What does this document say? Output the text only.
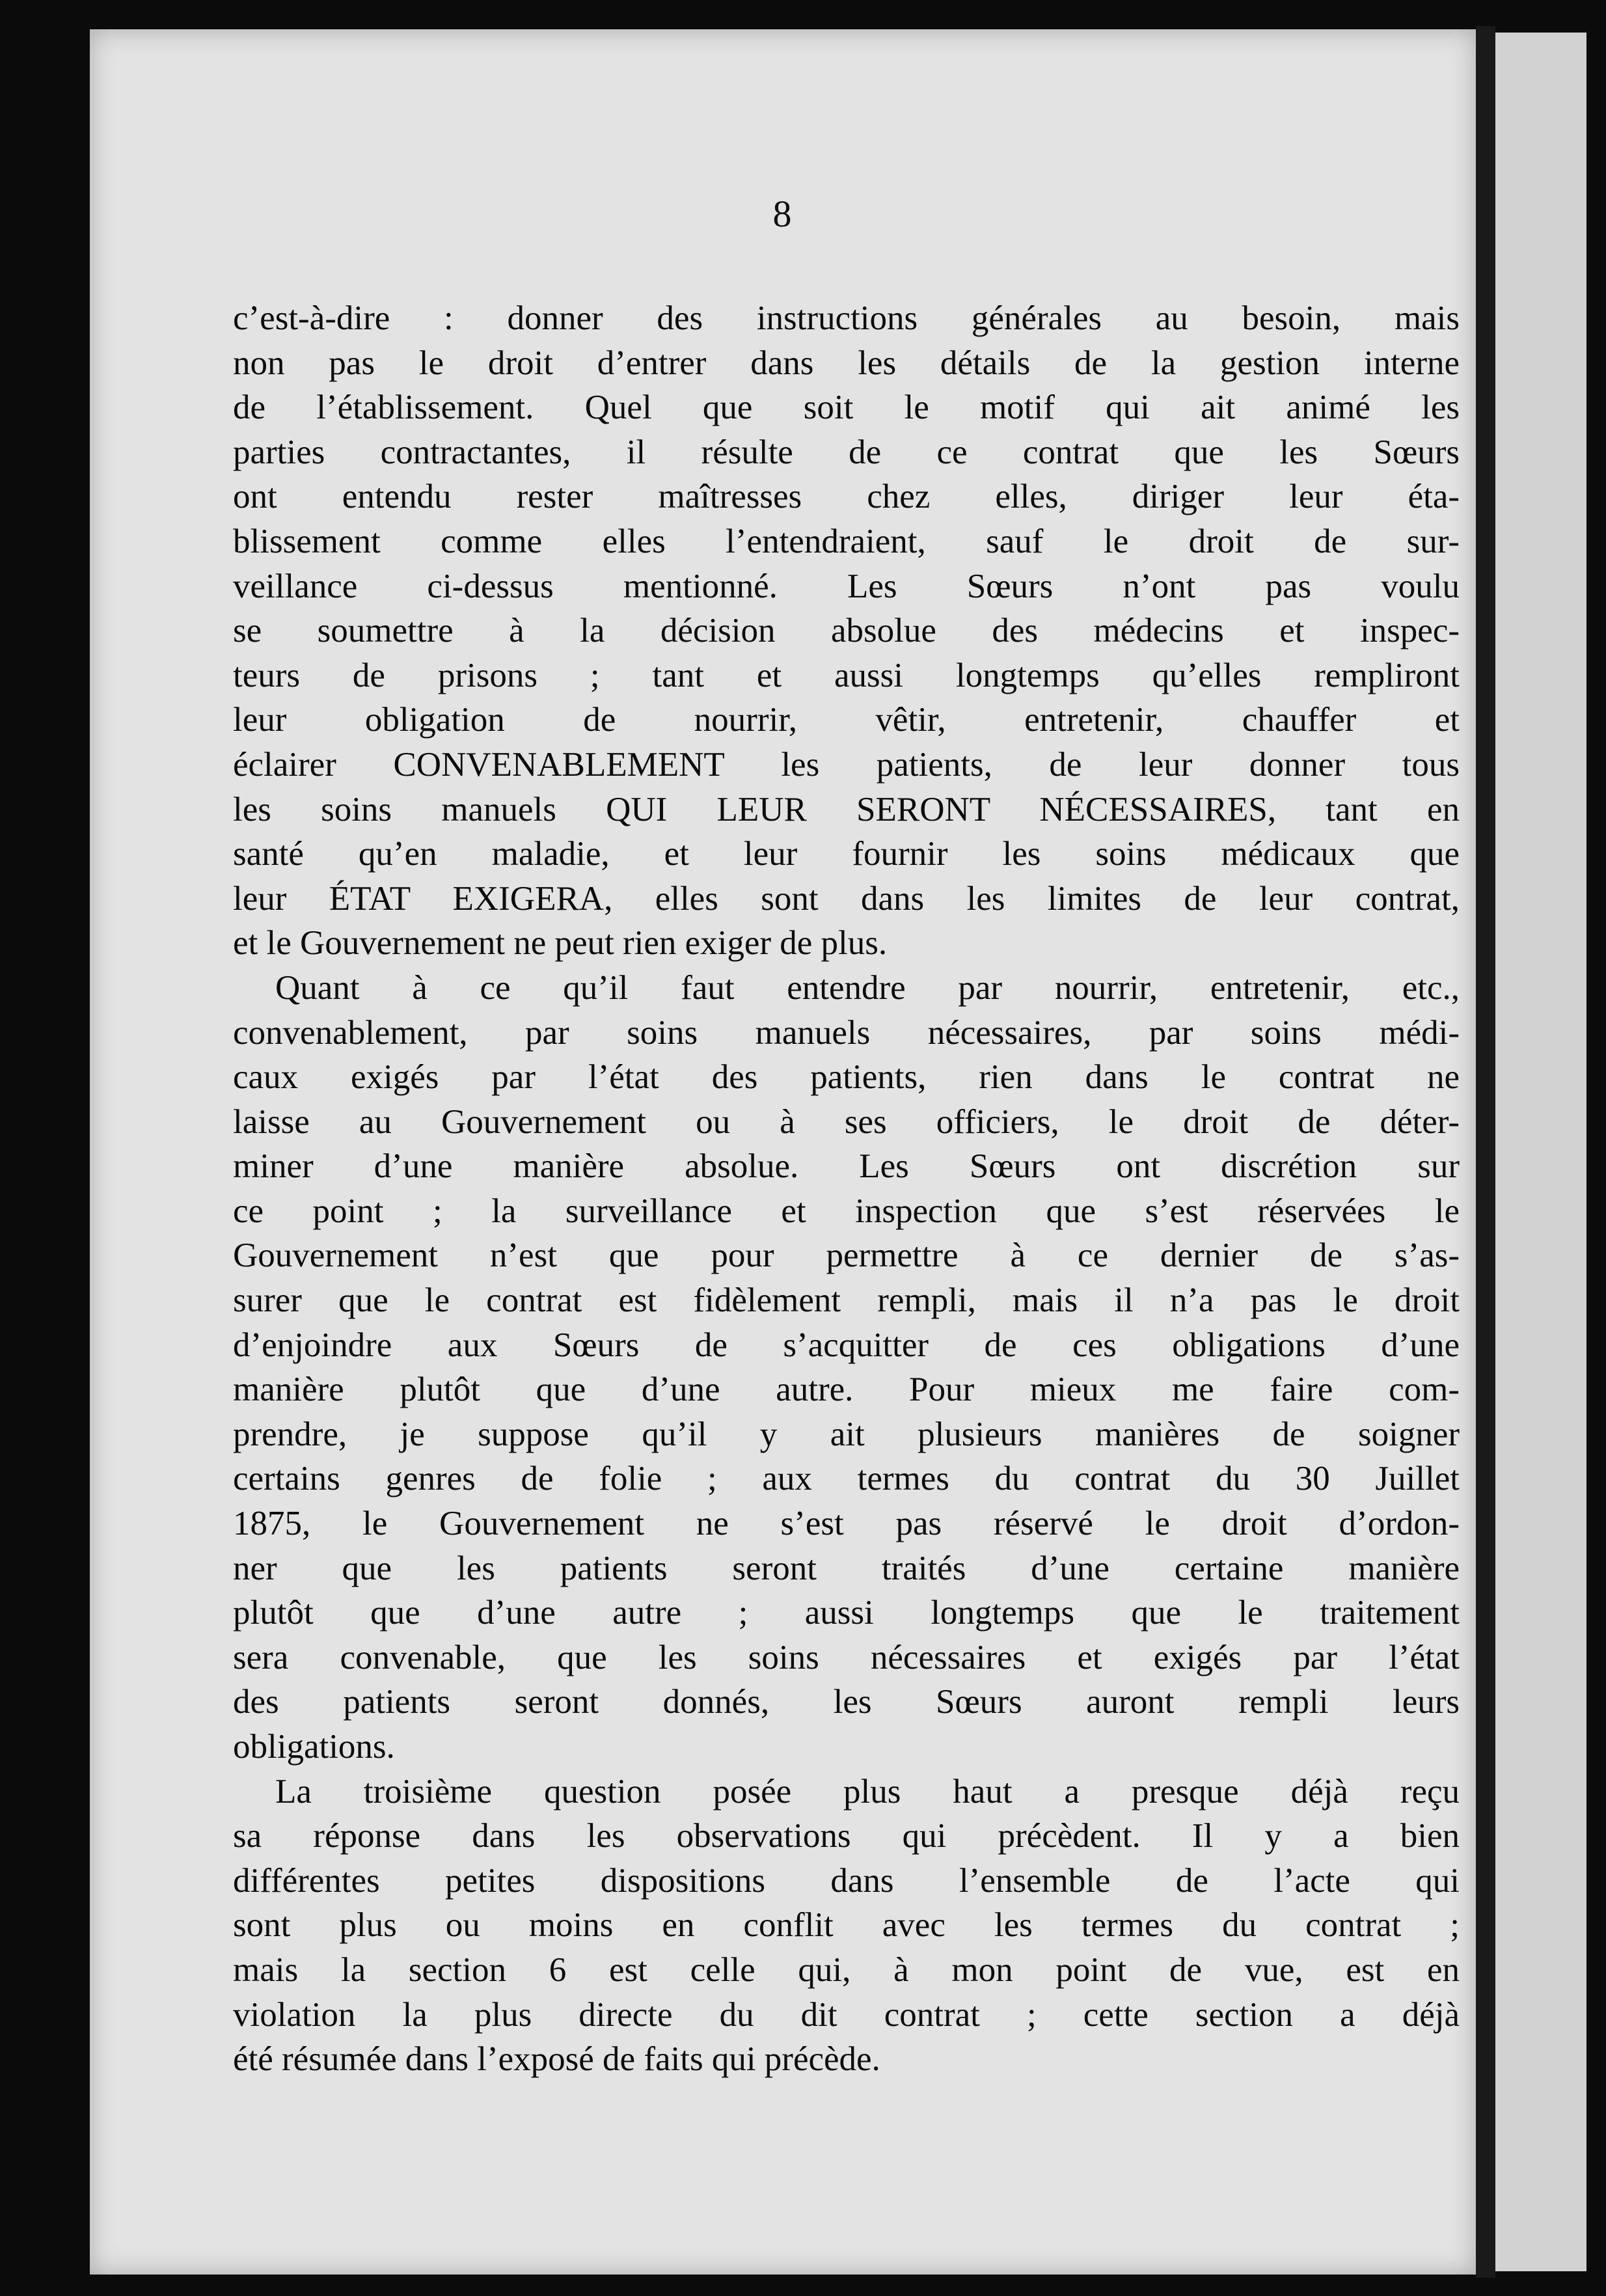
8
c’est-à-dire : donner des instructions générales au besoin, mais
non pas le droit d’entrer dans les détails de la gestion interne
de l’établissement. Quel que soit le motif qui ait animé les
parties contractantes, il résulte de ce contrat que les Sœurs
ont entendu rester maîtresses chez elles, diriger leur éta-
blissement comme elles l’entendraient, sauf le droit de sur-
veillance ci-dessus mentionné. Les Sœurs n’ont pas voulu
se soumettre à la décision absolue des médecins et inspec-
teurs de prisons ; tant et aussi longtemps qu’elles rempliront
leur obligation de nourrir, vêtir, entretenir, chauffer et
éclairer CONVENABLEMENT les patients, de leur donner tous
les soins manuels QUI LEUR SERONT NÉCESSAIRES, tant en
santé qu’en maladie, et leur fournir les soins médicaux que
leur ÉTAT EXIGERA, elles sont dans les limites de leur contrat,
et le Gouvernement ne peut rien exiger de plus.
Quant à ce qu’il faut entendre par nourrir, entretenir, etc.,
convenablement, par soins manuels nécessaires, par soins médi-
caux exigés par l’état des patients, rien dans le contrat ne
laisse au Gouvernement ou à ses officiers, le droit de déter-
miner d’une manière absolue. Les Sœurs ont discrétion sur
ce point ; la surveillance et inspection que s’est réservées le
Gouvernement n’est que pour permettre à ce dernier de s’as-
surer que le contrat est fidèlement rempli, mais il n’a pas le droit
d’enjoindre aux Sœurs de s’acquitter de ces obligations d’une
manière plutôt que d’une autre. Pour mieux me faire com-
prendre, je suppose qu’il y ait plusieurs manières de soigner
certains genres de folie ; aux termes du contrat du 30 Juillet
1875, le Gouvernement ne s’est pas réservé le droit d’ordon-
ner que les patients seront traités d’une certaine manière
plutôt que d’une autre ; aussi longtemps que le traitement
sera convenable, que les soins nécessaires et exigés par l’état
des patients seront donnés, les Sœurs auront rempli leurs
obligations.
La troisième question posée plus haut a presque déjà reçu
sa réponse dans les observations qui précèdent. Il y a bien
différentes petites dispositions dans l’ensemble de l’acte qui
sont plus ou moins en conflit avec les termes du contrat ;
mais la section 6 est celle qui, à mon point de vue, est en
violation la plus directe du dit contrat ; cette section a déjà
été résumée dans l’exposé de faits qui précède.
